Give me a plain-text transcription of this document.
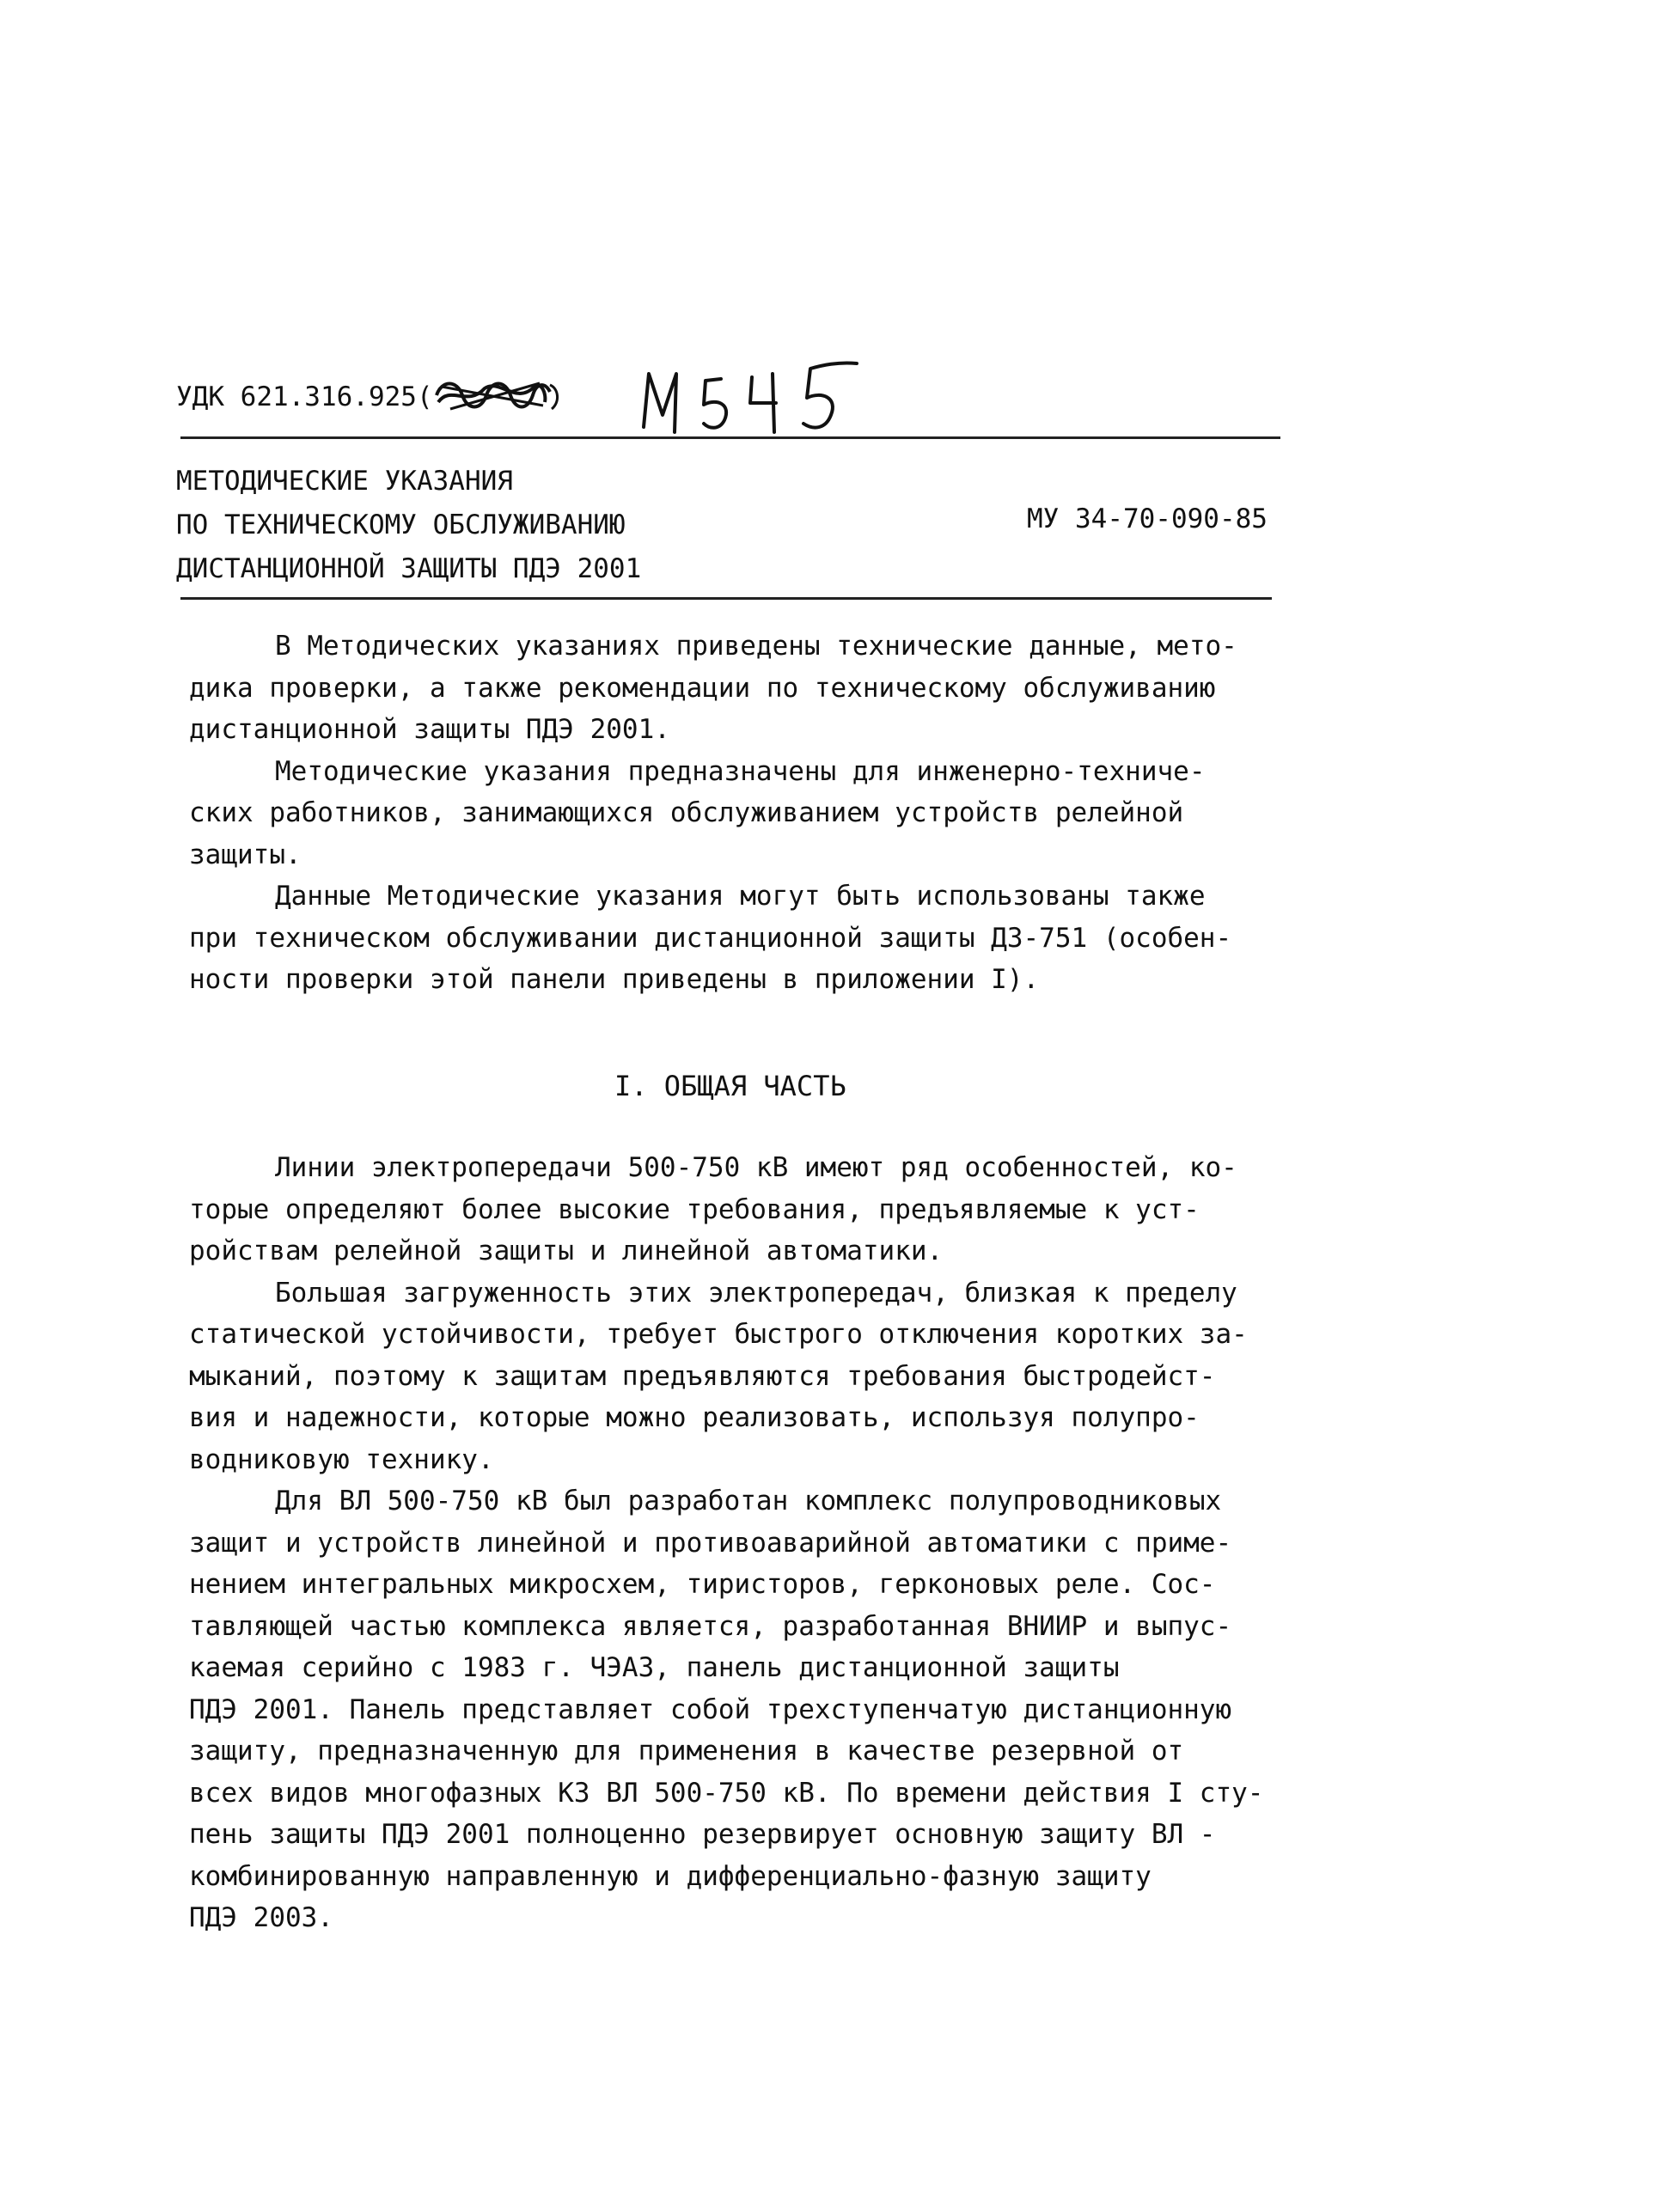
УДК 621.316.925(
МЕТОДИЧЕСКИЕ УКАЗАНИЯ
ПО ТЕХНИЧЕСКОМУ ОБСЛУЖИВАНИЮ
ДИСТАНЦИОННОЙ ЗАЩИТЫ ПДЭ 2001
МУ 34-70-090-85
В Методических указаниях приведены технические данные, мето-
дика проверки, а также рекомендации по техническому обслуживанию
дистанционной защиты ПДЭ 2001.
Методические указания предназначены для инженерно-техниче-
ских работников, занимающихся обслуживанием устройств релейной
защиты.
Данные Методические указания могут быть использованы также
при техническом обслуживании дистанционной защиты ДЗ-751 (особен-
ности проверки этой панели приведены в приложении I).
I. ОБЩАЯ ЧАСТЬ
Линии электропередачи 500-750 кВ имеют ряд особенностей, ко-
торые определяют более высокие требования, предъявляемые к уст-
ройствам релейной защиты и линейной автоматики.
Большая загруженность этих электропередач, близкая к пределу
статической устойчивости, требует быстрого отключения коротких за-
мыканий, поэтому к защитам предъявляются требования быстродейст-
вия и надежности, которые можно реализовать, используя полупро-
водниковую технику.
Для ВЛ 500-750 кВ был разработан комплекс полупроводниковых
защит и устройств линейной и противоаварийной автоматики с приме-
нением интегральных микросхем, тиристоров, герконовых реле. Сос-
тавляющей частью комплекса является, разработанная ВНИИР и выпус-
каемая серийно с 1983 г. ЧЭАЗ, панель дистанционной защиты
ПДЭ 2001. Панель представляет собой трехступенчатую дистанционную
защиту, предназначенную для применения в качестве резервной от
всех видов многофазных КЗ ВЛ 500-750 кВ. По времени действия I сту-
пень защиты ПДЭ 2001 полноценно резервирует основную защиту ВЛ -
комбинированную направленную и дифференциально-фазную защиту
ПДЭ 2003.
